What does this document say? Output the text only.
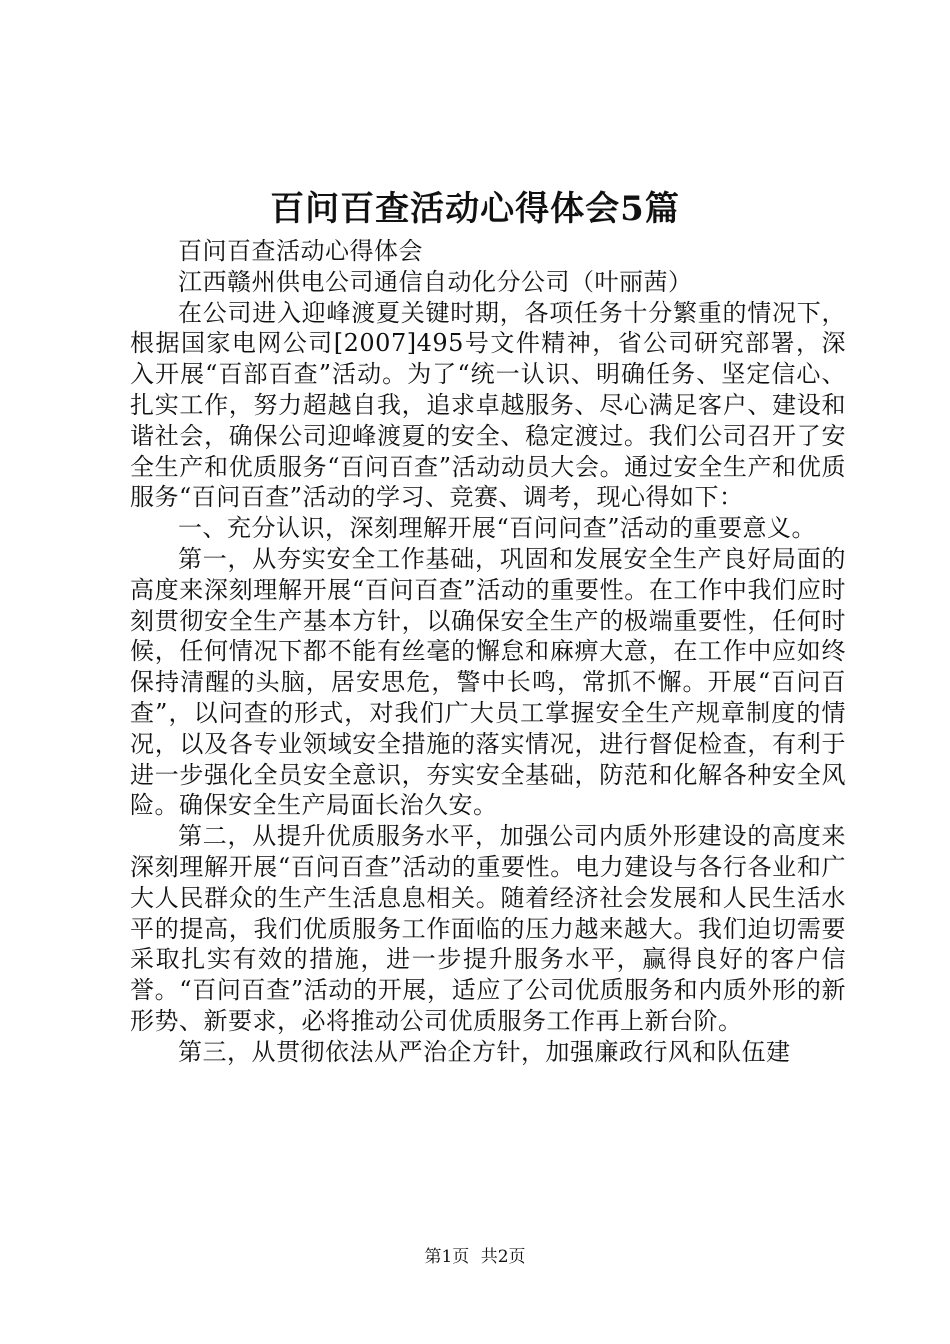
百问百查活动心得体会5篇

百问百查活动心得体会

江西赣州供电公司通信自动化分公司（叶丽茜）

在公司进入迎峰渡夏关键时期，各项任务十分繁重的情况下，根据国家电网公司[2007]495号文件精神，省公司研究部署，深入开展“百部百查”活动。为了“统一认识、明确任务、坚定信心、扎实工作，努力超越自我，追求卓越服务、尽心满足客户、建设和谐社会，确保公司迎峰渡夏的安全、稳定渡过。我们公司召开了安全生产和优质服务“百问百查”活动动员大会。通过安全生产和优质服务“百问百查”活动的学习、竞赛、调考，现心得如下：

一、充分认识，深刻理解开展“百问问查”活动的重要意义。

第一，从夯实安全工作基础，巩固和发展安全生产良好局面的高度来深刻理解开展“百问百查”活动的重要性。在工作中我们应时刻贯彻安全生产基本方针，以确保安全生产的极端重要性，任何时候，任何情况下都不能有丝毫的懈怠和麻痹大意，在工作中应如终保持清醒的头脑，居安思危，警中长鸣，常抓不懈。开展“百问百查”，以问查的形式，对我们广大员工掌握安全生产规章制度的情况，以及各专业领域安全措施的落实情况，进行督促检查，有利于进一步强化全员安全意识，夯实安全基础，防范和化解各种安全风险。确保安全生产局面长治久安。

第二，从提升优质服务水平，加强公司内质外形建设的高度来深刻理解开展“百问百查”活动的重要性。电力建设与各行各业和广大人民群众的生产生活息息相关。随着经济社会发展和人民生活水平的提高，我们优质服务工作面临的压力越来越大。我们迫切需要采取扎实有效的措施，进一步提升服务水平，赢得良好的客户信誉。“百问百查”活动的开展，适应了公司优质服务和内质外形的新形势、新要求，必将推动公司优质服务工作再上新台阶。

第三，从贯彻依法从严治企方针，加强廉政行风和队伍建

第1页 共2页
